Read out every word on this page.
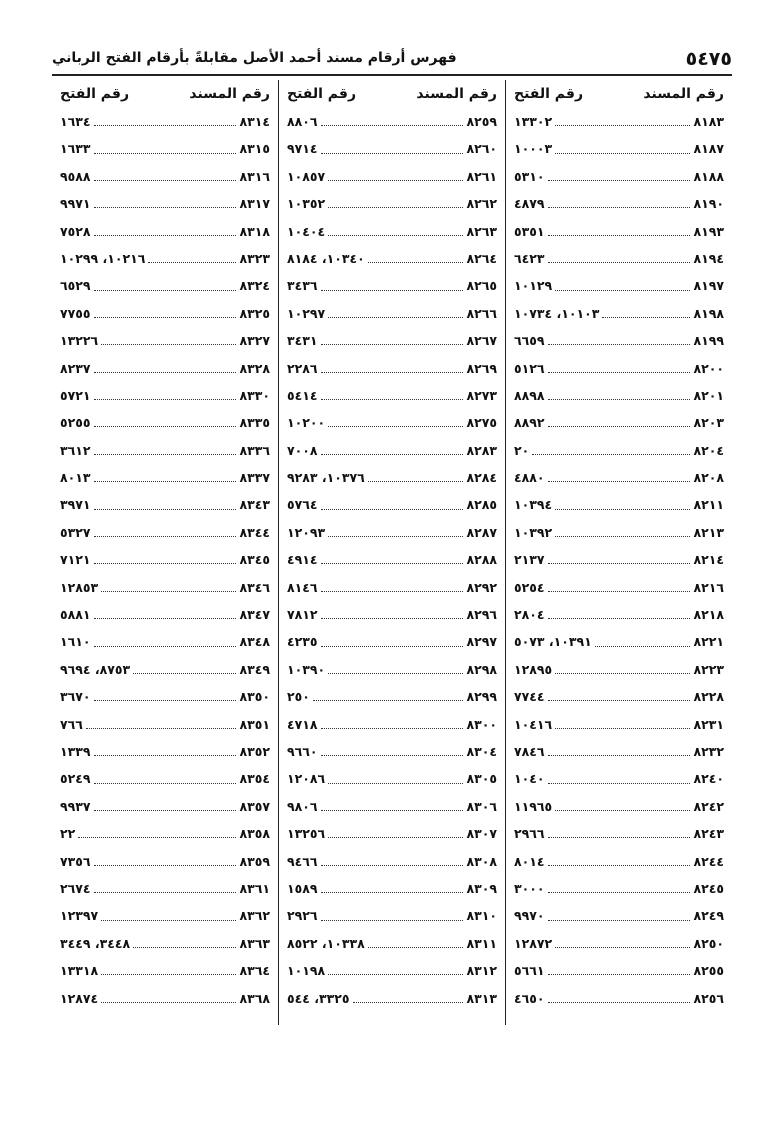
٥٤٧٥
فهرس أرقام مسند أحمد الأصل مقابلةً بأرقام الفتح الرباني
رقم المسند
رقم الفتح
٨١٨٣
١٣٣٠٢
٨١٨٧
١٠٠٠٣
٨١٨٨
٥٣١٠
٨١٩٠
٤٨٧٩
٨١٩٣
٥٣٥١
٨١٩٤
٦٤٢٣
٨١٩٧
١٠١٢٩
٨١٩٨
١٠١٠٣، ١٠٧٣٤
٨١٩٩
٦٦٥٩
٨٢٠٠
٥١٢٦
٨٢٠١
٨٨٩٨
٨٢٠٣
٨٨٩٢
٨٢٠٤
٢٠
٨٢٠٨
٤٨٨٠
٨٢١١
١٠٣٩٤
٨٢١٣
١٠٣٩٢
٨٢١٤
٢١٣٧
٨٢١٦
٥٢٥٤
٨٢١٨
٢٨٠٤
٨٢٢١
١٠٣٩١، ٥٠٧٣
٨٢٢٣
١٢٨٩٥
٨٢٢٨
٧٧٤٤
٨٢٣١
١٠٤١٦
٨٢٣٢
٧٨٤٦
٨٢٤٠
١٠٤٠
٨٢٤٢
١١٩٦٥
٨٢٤٣
٢٩٦٦
٨٢٤٤
٨٠١٤
٨٢٤٥
٣٠٠٠
٨٢٤٩
٩٩٧٠
٨٢٥٠
١٢٨٧٢
٨٢٥٥
٥٦٦١
٨٢٥٦
٤٦٥٠
رقم المسند
رقم الفتح
٨٢٥٩
٨٨٠٦
٨٢٦٠
٩٧١٤
٨٢٦١
١٠٨٥٧
٨٢٦٢
١٠٣٥٢
٨٢٦٣
١٠٤٠٤
٨٢٦٤
١٠٣٤٠، ٨١٨٤
٨٢٦٥
٣٤٣٦
٨٢٦٦
١٠٢٩٧
٨٢٦٧
٣٤٣١
٨٢٦٩
٢٢٨٦
٨٢٧٣
٥٤١٤
٨٢٧٥
١٠٢٠٠
٨٢٨٣
٧٠٠٨
٨٢٨٤
١٠٣٧٦، ٩٢٨٣
٨٢٨٥
٥٧٦٤
٨٢٨٧
١٢٠٩٣
٨٢٨٨
٤٩١٤
٨٢٩٢
٨١٤٦
٨٢٩٦
٧٨١٢
٨٢٩٧
٤٢٣٥
٨٢٩٨
١٠٣٩٠
٨٢٩٩
٢٥٠
٨٣٠٠
٤٧١٨
٨٣٠٤
٩٦٦٠
٨٣٠٥
١٢٠٨٦
٨٣٠٦
٩٨٠٦
٨٣٠٧
١٣٢٥٦
٨٣٠٨
٩٤٦٦
٨٣٠٩
١٥٨٩
٨٣١٠
٢٩٢٦
٨٣١١
١٠٣٣٨، ٨٥٢٢
٨٣١٢
١٠١٩٨
٨٣١٣
٣٣٢٥، ٥٤٤
رقم المسند
رقم الفتح
٨٣١٤
١٦٣٤
٨٣١٥
١٦٣٣
٨٣١٦
٩٥٨٨
٨٣١٧
٩٩٧١
٨٣١٨
٧٥٢٨
٨٣٢٣
١٠٢١٦، ١٠٢٩٩
٨٣٢٤
٦٥٢٩
٨٣٢٥
٧٧٥٥
٨٣٢٧
١٣٢٢٦
٨٣٢٨
٨٢٣٧
٨٣٣٠
٥٧٢١
٨٣٣٥
٥٢٥٥
٨٣٣٦
٣٦١٢
٨٣٣٧
٨٠١٣
٨٣٤٣
٣٩٧١
٨٣٤٤
٥٣٢٧
٨٣٤٥
٧١٢١
٨٣٤٦
١٢٨٥٣
٨٣٤٧
٥٨٨١
٨٣٤٨
١٦١٠
٨٣٤٩
٨٧٥٣، ٩٦٩٤
٨٣٥٠
٣٦٧٠
٨٣٥١
٧٦٦
٨٣٥٢
١٣٣٩
٨٣٥٤
٥٢٤٩
٨٣٥٧
٩٩٣٧
٨٣٥٨
٢٢
٨٣٥٩
٧٣٥٦
٨٣٦١
٢٦٧٤
٨٣٦٢
١٢٣٩٧
٨٣٦٣
٣٤٤٨، ٣٤٤٩
٨٣٦٤
١٣٣١٨
٨٣٦٨
١٢٨٧٤
